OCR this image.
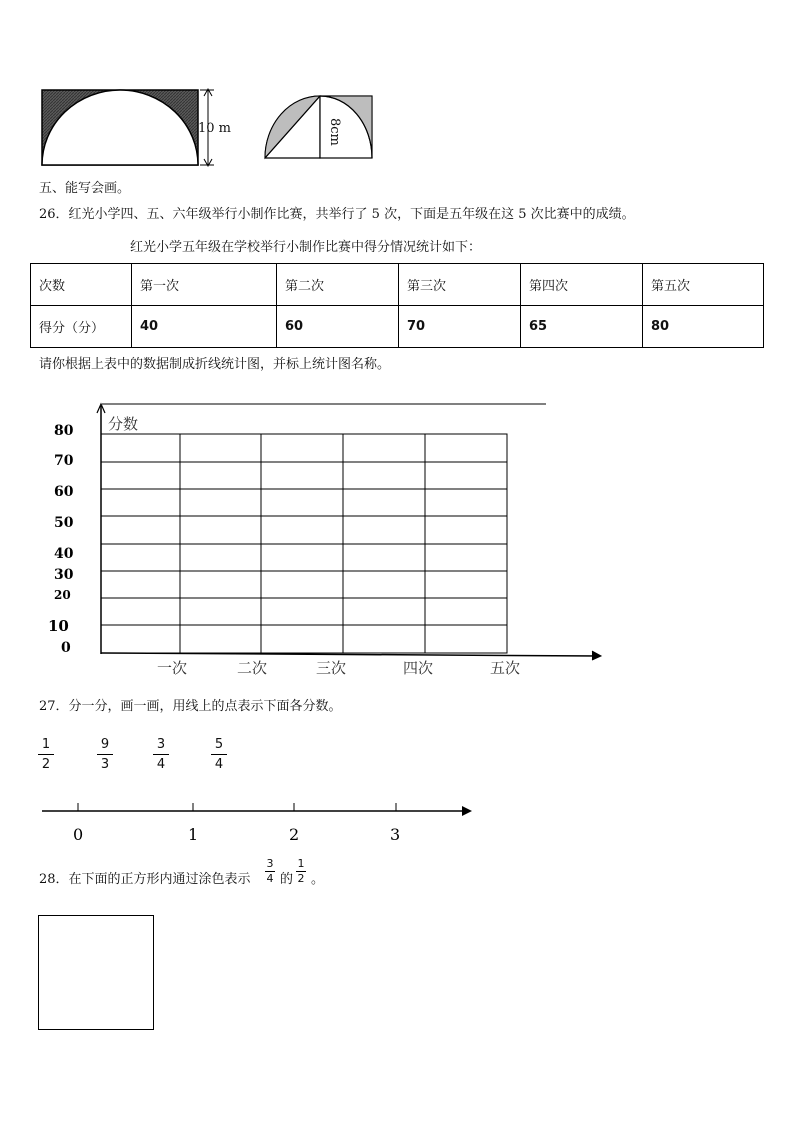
10 m	8cm
五、能写会画。
26．红光小学四、五、六年级举行小制作比赛，共举行了 5 次，下面是五年级在这 5 次比赛中的成绩。
红光小学五年级在学校举行小制作比赛中得分情况统计如下：
次数	第一次	第二次	第三次	第四次	第五次
得分（分）	40	60	70	65	80
请你根据上表中的数据制成折线统计图，并标上统计图名称。
分数
80
70
60
50
40
30
20
10
0
一次	二次	三次	四次	五次
27．分一分，画一画，用线上的点表示下面各分数。
1
2
9
3
3
4
5
4
0	1	2	3
28．在下面的正方形内通过涂色表示
3
4 的
1
2 。
